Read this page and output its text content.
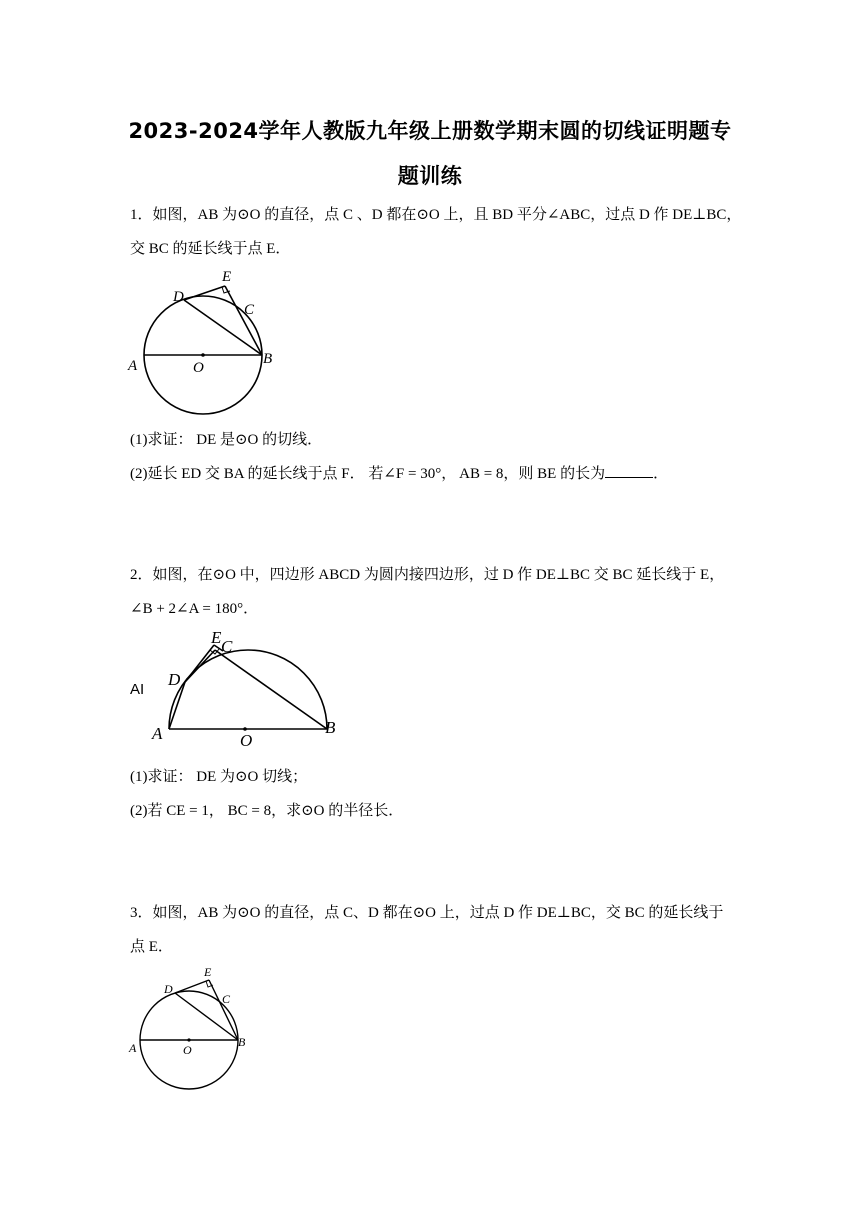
2023-2024学年人教版九年级上册数学期末圆的切线证明题专
题训练
1．如图，AB 为⊙O 的直径，点 C 、D 都在⊙O 上，且 BD 平分∠ABC，过点 D 作 DE⊥BC，
交 BC 的延长线于点 E．
A	B
C
D
E
O
(1)求证： DE 是⊙O 的切线．
(2)延长 ED 交 BA 的延长线于点 F． 若∠F = 30°， AB = 8，则 BE 的长为	．
2．如图，在⊙O 中，四边形 ABCD 为圆内接四边形，过 D 作 DE⊥BC 交 BC 延长线于 E，
∠B + 2∠A = 180°．
AI
A	B
C
D
E
O
(1)求证： DE 为⊙O 切线；
(2)若 CE = 1， BC = 8，求⊙O 的半径长．
3．如图，AB 为⊙O 的直径，点 C、D 都在⊙O 上，过点 D 作 DE⊥BC，交 BC 的延长线于
点 E．
A	B
C
D
E
O
